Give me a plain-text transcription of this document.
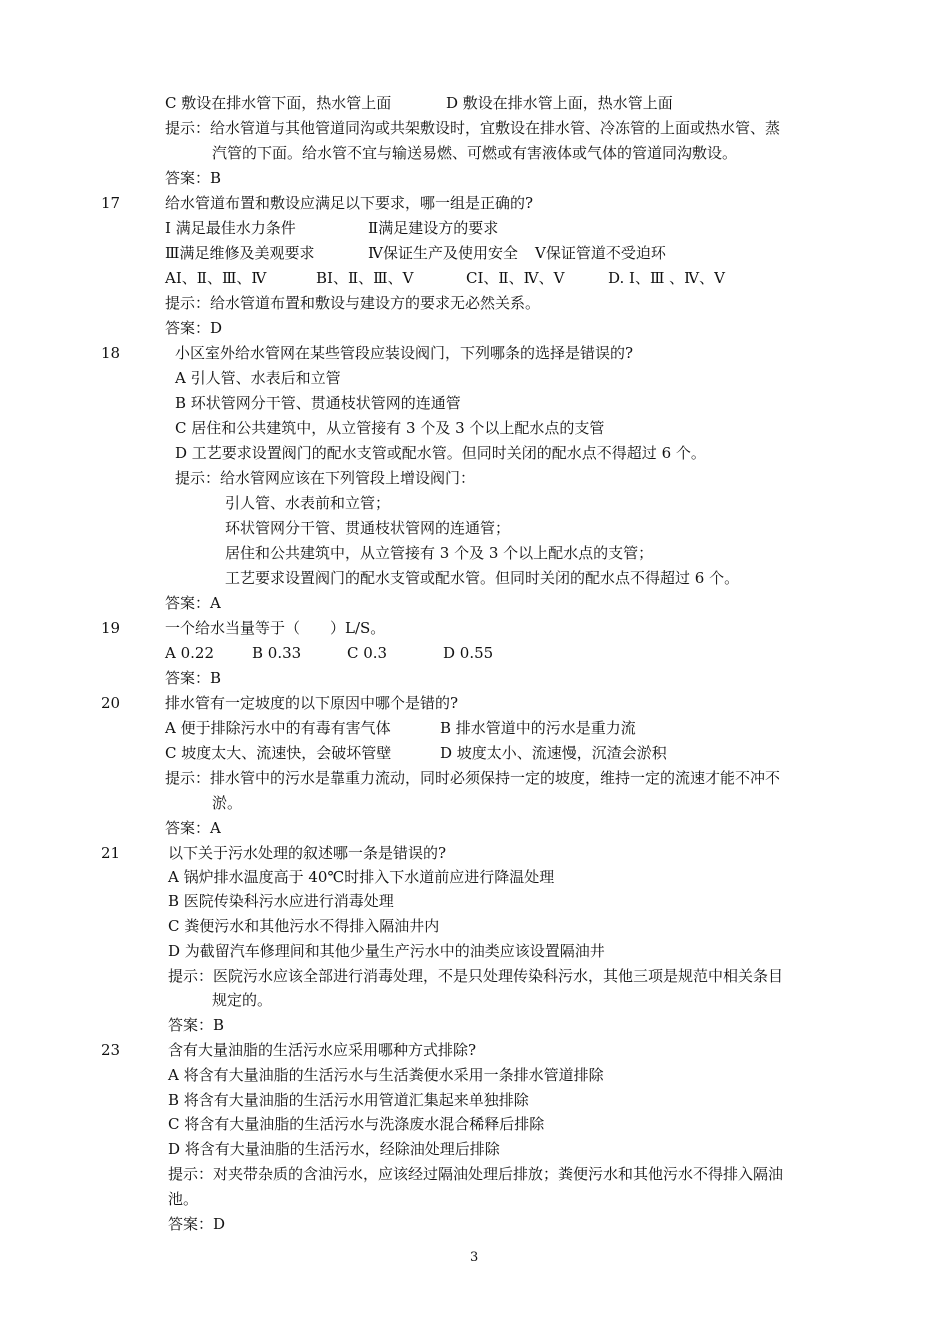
C 敷设在排水管下面，热水管上面	D 敷设在排水管上面，热水管上面
提示：给水管道与其他管道同沟或共架敷设时，宜敷设在排水管、冷冻管的上面或热水管、蒸
汽管的下面。给水管不宜与输送易燃、可燃或有害液体或气体的管道同沟敷设。
答案：B
17	给水管道布置和敷设应满足以下要求，哪一组是正确的?
Ⅰ 满足最佳水力条件	Ⅱ满足建设方的要求
Ⅲ满足维修及美观要求	Ⅳ保证生产及使用安全 Ⅴ保证管道不受迫环
AⅠ、Ⅱ、Ⅲ、Ⅳ	BⅠ、Ⅱ、Ⅲ、Ⅴ	CⅠ、Ⅱ、Ⅳ、Ⅴ	D. Ⅰ、Ⅲ 、Ⅳ、Ⅴ
提示：给水管道布置和敷设与建设方的要求无必然关系。
答案：D
18	小区室外给水管网在某些管段应装设阀门，下列哪条的选择是错误的?
A 引人管、水表后和立管
B 环状管网分干管、贯通枝状管网的连通管
C 居住和公共建筑中，从立管接有 3 个及 3 个以上配水点的支管
D 工艺要求设置阀门的配水支管或配水管。但同时关闭的配水点不得超过 6 个。
提示：给水管网应该在下列管段上增设阀门：
引人管、水表前和立管；
环状管网分干管、贯通枝状管网的连通管；
居住和公共建筑中，从立管接有 3 个及 3 个以上配水点的支管；
工艺要求设置阀门的配水支管或配水管。但同时关闭的配水点不得超过 6 个。
答案：A
19	一个给水当量等于（　　）L/S。
A 0.22	B 0.33	C 0.3	D 0.55
答案：B
20	排水管有一定坡度的以下原因中哪个是错的?
A 便于排除污水中的有毒有害气体	B 排水管道中的污水是重力流
C 坡度太大、流速快，会破坏管壁	D 坡度太小、流速慢，沉渣会淤积
提示：排水管中的污水是靠重力流动，同时必须保持一定的坡度，维持一定的流速才能不冲不
淤。
答案：A
21	以下关于污水处理的叙述哪一条是错误的?
A 锅炉排水温度高于 40℃时排入下水道前应进行降温处理
B 医院传染科污水应进行消毒处理
C 粪便污水和其他污水不得排入隔油井内
D 为截留汽车修理间和其他少量生产污水中的油类应该设置隔油井
提示：医院污水应该全部进行消毒处理，不是只处理传染科污水，其他三项是规范中相关条目
规定的。
答案：B
23	含有大量油脂的生活污水应采用哪种方式排除?
A 将含有大量油脂的生活污水与生活粪便水采用一条排水管道排除
B 将含有大量油脂的生活污水用管道汇集起来单独排除
C 将含有大量油脂的生活污水与洗涤废水混合稀释后排除
D 将含有大量油脂的生活污水，经除油处理后排除
提示：对夹带杂质的含油污水，应该经过隔油处理后排放；粪便污水和其他污水不得排入隔油
池。
答案：D
3
